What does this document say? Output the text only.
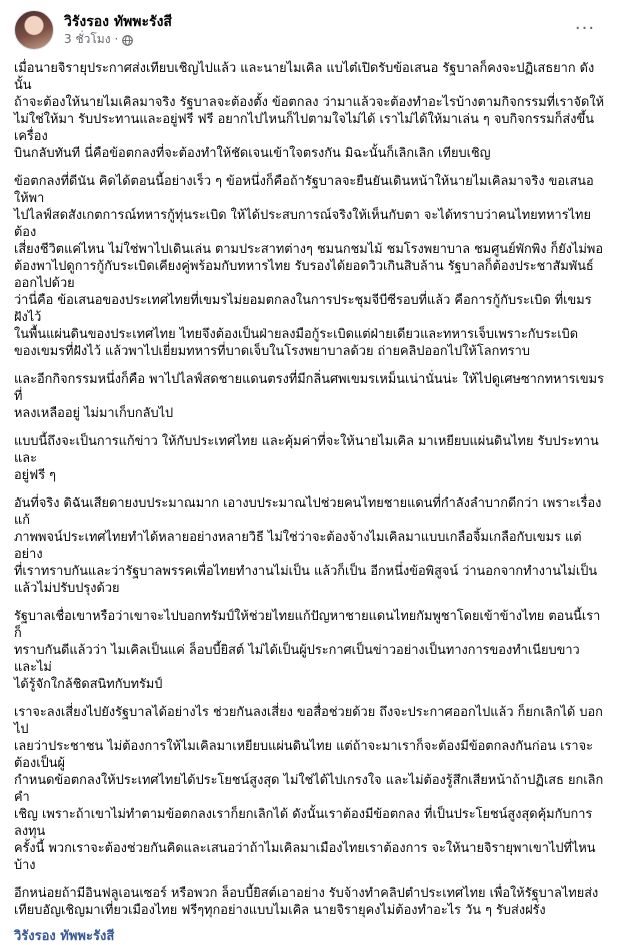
วิรังรอง ทัพพะรังสี
3 ชั่วโมง ·
···

เมื่อนายจิรายุประกาศส่งเทียบเชิญไปแล้ว และนายไมเคิล แบไต๋เปิดรับข้อเสนอ รัฐบาลก็คงจะปฏิเสธยาก ดังนั้น
ถ้าจะต้องให้นายไมเคิลมาจริง รัฐบาลจะต้องตั้ง ข้อตกลง ว่ามาแล้วจะต้องทำอะไรบ้างตามกิจกรรมที่เราจัดให้
ไม่ใช่ให้มา รับประทานและอยู่ฟรี ฟรี อยากไปไหนก็ไปตามใจไม่ได้ เราไม่ได้ให้มาเล่น ๆ จบกิจกรรมก็ส่งขึ้นเครื่อง
บินกลับทันที นี่คือข้อตกลงที่จะต้องทำให้ชัดเจนเข้าใจตรงกัน มิฉะนั้นก็เลิกเลิก เทียบเชิญ

ข้อตกลงที่ดีนัน คิดได้ตอนนี้อย่างเร็ว ๆ ข้อหนึ่งก็คือถ้ารัฐบาลจะยืนยันเดินหน้าให้นายไมเคิลมาจริง ขอเสนอให้พา
ไปไลฟ์สดสังเกตการณ์ทหารกู้ทุ่นระเบิด ให้ได้ประสบการณ์จริงให้เห็นกับตา จะได้ทราบว่าคนไทยทหารไทยต้อง
เสี่ยงชีวิตแค่ไหน ไม่ใช่พาไปเดินเล่น ตามประสาทต่างๆ ชมนกชมไม้ ชมโรงพยาบาล ชมศูนย์พักพิง ก็ยังไม่พอ
ต้องพาไปดูการกู้กับระเบิดเคียงคู่พร้อมกับทหารไทย รับรองได้ยอดวิวเกินสิบล้าน รัฐบาลก็ต้องประชาสัมพันธ์ออกไปด้วย
ว่านี่คือ ข้อเสนอของประเทศไทยที่เขมรไม่ยอมตกลงในการประชุมจีบีซีรอบที่แล้ว คือการกู้กับระเบิด ที่เขมรฝังไว้
ในพื้นแผ่นดินของประเทศไทย ไทยจึงต้องเป็นฝ่ายลงมือกู้ระเบิดแต่ฝ่ายเดียวและทหารเจ็บเพราะกับระเบิด
ของเขมรที่ฝังไว้ แล้วพาไปเยี่ยมทหารที่บาดเจ็บในโรงพยาบาลด้วย ถ่ายคลิปออกไปให้โลกทราบ

และอีกกิจกรรมหนึ่งก็คือ พาไปไลฟ์สดชายแดนตรงที่มีกลิ่นศพเขมรเหม็นเน่านั่นน่ะ ให้ไปดูเศษซากทหารเขมรที่
หลงเหลืออยู่ ไม่มาเก็บกลับไป

แบบนี้ถึงจะเป็นการแก้ข่าว ให้กับประเทศไทย และคุ้มค่าที่จะให้นายไมเคิล มาเหยียบแผ่นดินไทย รับประทานและ
อยู่ฟรี ๆ

อันที่จริง ดิฉันเสียดายงบประมาณมาก เอางบประมาณไปช่วยคนไทยชายแดนที่กำลังลำบากดีกว่า เพราะเรื่องแก้
ภาพพจน์ประเทศไทยทำได้หลายอย่างหลายวิธี ไม่ใช่ว่าจะต้องจ้างไมเคิลมาแบบเกลือจิ้มเกลือกับเขมร แต่อย่าง
ที่เราทราบกันและว่ารัฐบาลพรรคเพื่อไทยทำงานไม่เป็น แล้วก็เป็น อีกหนึ่งข้อพิสูจน์ ว่านอกจากทำงานไม่เป็น
แล้วไม่ปรับปรุงด้วย

รัฐบาลเชื่อเขาหรือว่าเขาจะไปบอกทรัมป์ให้ช่วยไทยแก้ปัญหาชายแดนไทยกัมพูชาโดยเข้าข้างไทย ตอนนี้เราก็
ทราบกันดีแล้วว่า ไมเคิลเป็นแค่ ล็อบบี้ยิสต์ ไม่ได้เป็นผู้ประกาศเป็นข่าวอย่างเป็นทางการของทำเนียบขาว และไม่
ได้รู้จักใกล้ชิดสนิทกับทรัมป์

เราจะลงเสี่ยงไปยังรัฐบาลได้อย่างไร ช่วยกันลงเสี่ยง ขอสื่อช่วยด้วย ถึงจะประกาศออกไปแล้ว ก็ยกเลิกได้ บอกไป
เลยว่าประชาชน ไม่ต้องการให้ไมเคิลมาเหยียบแผ่นดินไทย แต่ถ้าจะมาเราก็จะต้องมีข้อตกลงกันก่อน เราจะต้องเป็นผู้
กำหนดข้อตกลงให้ประเทศไทยได้ประโยชน์สูงสุด ไม่ใช่ได้ไปเกรงใจ และไม่ต้องรู้สึกเสียหน้าถ้าปฏิเสธ ยกเลิกคำ
เชิญ เพราะถ้าเขาไม่ทำตามข้อตกลงเราก็ยกเลิกได้ ดังนั้นเราต้องมีข้อตกลง ที่เป็นประโยชน์สูงสุดคุ้มกับการลงทุน
ครั้งนี้ พวกเราจะต้องช่วยกันคิดและเสนอว่าถ้าไมเคิลมาเมืองไทยเราต้องการ จะให้นายจิรายุพาเขาไปที่ไหนบ้าง

อีกหน่อยถ้ามีอินฟลูเอนเซอร์ หรือพวก ล็อบบี้ยิสต์เอาอย่าง รับจ้างทำคลิปตำประเทศไทย เพื่อให้รัฐบาลไทยส่ง
เทียบอัญเชิญมาเที่ยวเมืองไทย ฟรีๆทุกอย่างแบบไมเคิล นายจิรายุคงไม่ต้องทำอะไร วัน ๆ รับส่งฝรั่ง

วิรังรอง ทัพพะรังสี
